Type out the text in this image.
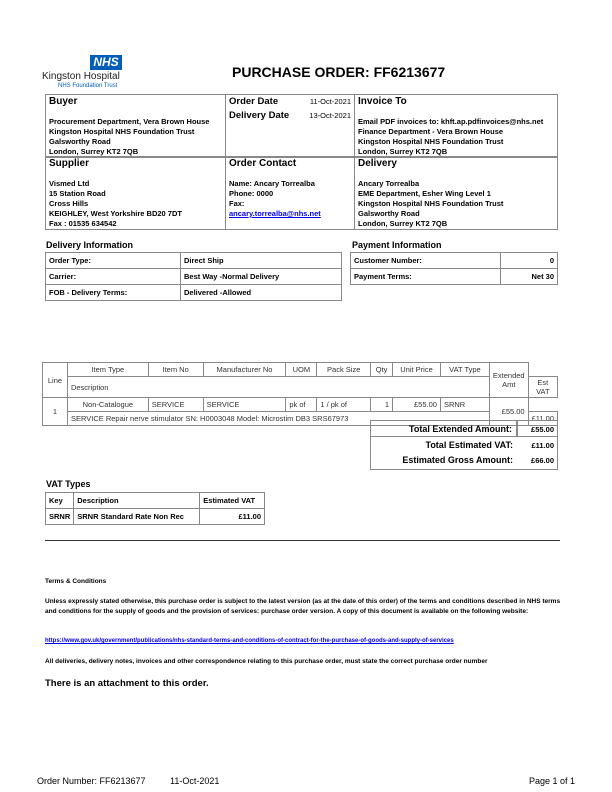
NHS
Kingston Hospital
NHS Foundation Trust
PURCHASE ORDER: FF6213677
Buyer
Procurement Department, Vera Brown House
Kingston Hospital NHS Foundation Trust
Galsworthy Road
London, Surrey KT2 7QB
Order Date	11-Oct-2021
Delivery Date	13-Oct-2021
Invoice To
Email PDF invoices to: khft.ap.pdfinvoices@nhs.net
Finance Department - Vera Brown House
Kingston Hospital NHS Foundation Trust
London, Surrey KT2 7QB
Supplier
Vismed Ltd
15 Station Road
Cross Hills
KEIGHLEY, West Yorkshire BD20 7DT
Fax : 01535 634542
Order Contact
Name: Ancary Torrealba
Phone: 0000
Fax:
ancary.torrealba@nhs.net
Delivery
Ancary Torrealba
EME Department, Esher Wing Level 1
Kingston Hospital NHS Foundation Trust
Galsworthy Road
London, Surrey KT2 7QB
Delivery Information
Order Type:	Direct Ship
Carrier:	Best Way -Normal Delivery
FOB - Delivery Terms:	Delivered -Allowed
Payment Information
Customer Number:	0
Payment Terms:	Net 30
Line	Item Type	Item No	Manufacturer No	UOM	Pack Size	Qty	Unit Price	VAT Type	Extended Amt	
	Description									Est VAT
1	Non-Catalogue	SERVICE	SERVICE	pk of	1 / pk of	1	£55.00	SRNR	£55.00	
	SERVICE Repair nerve stimulator SN: H0003048 Model: Microstim DB3 SRS67973									£11.00
Total Extended Amount:	£55.00
Total Estimated VAT: £11.00
Estimated Gross Amount: £66.00
VAT Types
Key	Description	Estimated VAT
SRNR	SRNR Standard Rate Non Rec	£11.00
Terms & Conditions
Unless expressly stated otherwise, this purchase order is subject to the latest version (as at the date of this order) of the terms and conditions described in NHS terms and conditions for the supply of goods and the provision of services: purchase order version. A copy of this document is available on the following website:
https://www.gov.uk/government/publications/nhs-standard-terms-and-conditions-of-contract-for-the-purchase-of-goods-and-supply-of-services
All deliveries, delivery notes, invoices and other correspondence relating to this purchase order, must state the correct purchase order number
There is an attachment to this order.
Order Number: FF6213677	11-Oct-2021	Page 1 of 1
